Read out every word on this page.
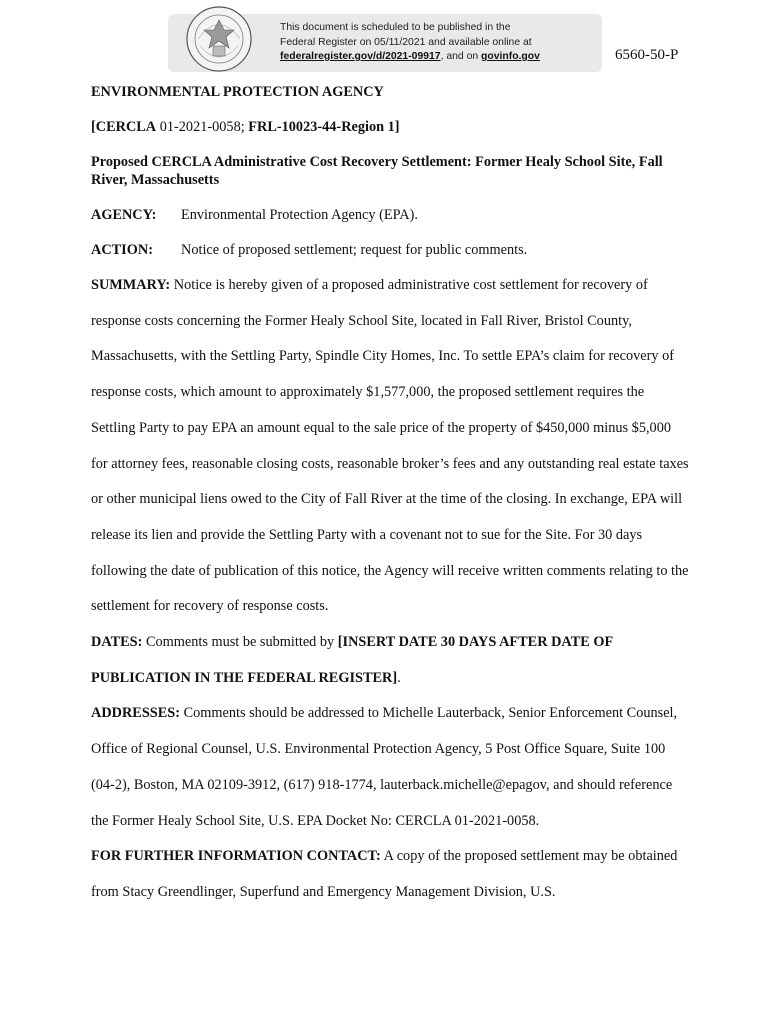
This document is scheduled to be published in the
Federal Register on 05/11/2021 and available online at
federalregister.gov/d/2021-09917, and on govinfo.gov	6560-50-P

ENVIRONMENTAL PROTECTION AGENCY

[CERCLA 01-2021-0058; FRL-10023-44-Region 1]

Proposed CERCLA Administrative Cost Recovery Settlement: Former Healy School Site, Fall River, Massachusetts

AGENCY:	Environmental Protection Agency (EPA).
ACTION:	Notice of proposed settlement; request for public comments.

SUMMARY: Notice is hereby given of a proposed administrative cost settlement for recovery of response costs concerning the Former Healy School Site, located in Fall River, Bristol County, Massachusetts, with the Settling Party, Spindle City Homes, Inc. To settle EPA’s claim for recovery of response costs, which amount to approximately $1,577,000, the proposed settlement requires the Settling Party to pay EPA an amount equal to the sale price of the property of $450,000 minus $5,000 for attorney fees, reasonable closing costs, reasonable broker’s fees and any outstanding real estate taxes or other municipal liens owed to the City of Fall River at the time of the closing. In exchange, EPA will release its lien and provide the Settling Party with a covenant not to sue for the Site. For 30 days following the date of publication of this notice, the Agency will receive written comments relating to the settlement for recovery of response costs.

DATES: Comments must be submitted by [INSERT DATE 30 DAYS AFTER DATE OF PUBLICATION IN THE FEDERAL REGISTER].

ADDRESSES: Comments should be addressed to Michelle Lauterback, Senior Enforcement Counsel, Office of Regional Counsel, U.S. Environmental Protection Agency, 5 Post Office Square, Suite 100 (04-2), Boston, MA 02109-3912, (617) 918-1774, lauterback.michelle@epagov, and should reference the Former Healy School Site, U.S. EPA Docket No: CERCLA 01-2021-0058.

FOR FURTHER INFORMATION CONTACT: A copy of the proposed settlement may be obtained from Stacy Greendlinger, Superfund and Emergency Management Division, U.S.
